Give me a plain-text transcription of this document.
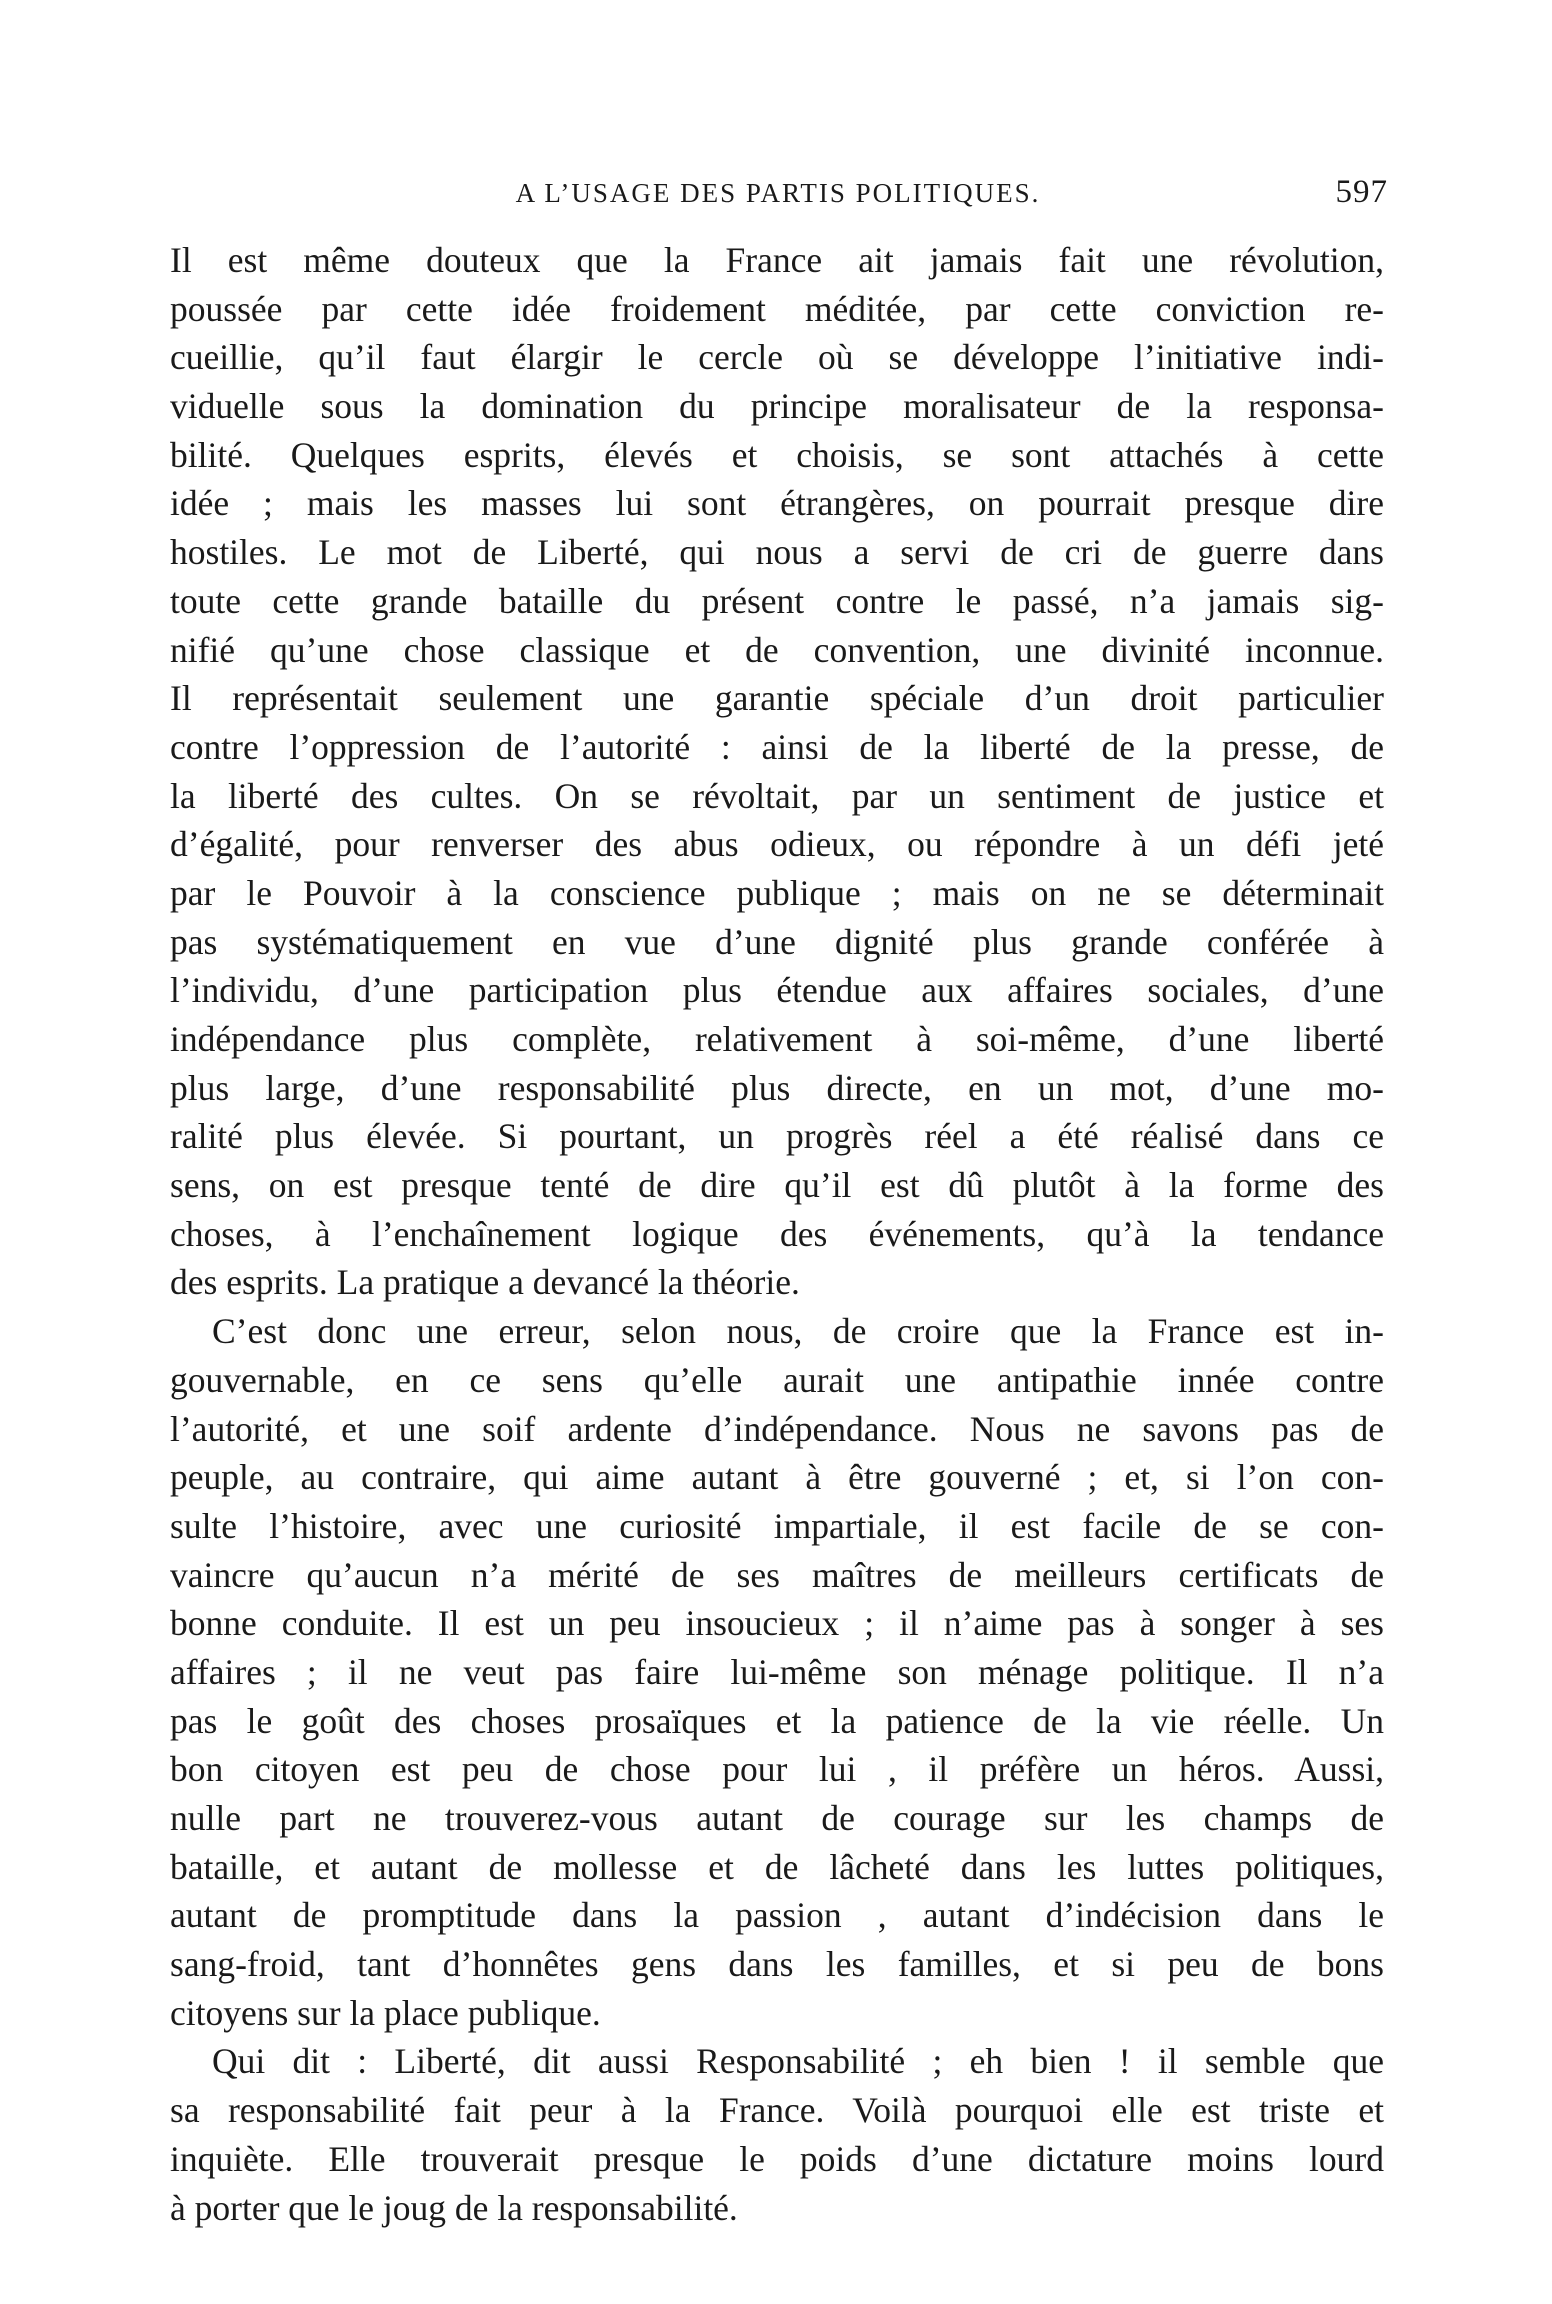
A L’USAGE DES PARTIS POLITIQUES.	597
Il est même douteux que la France ait jamais fait une révolution,
poussée par cette idée froidement méditée, par cette conviction re-
cueillie, qu’il faut élargir le cercle où se développe l’initiative indi-
viduelle sous la domination du principe moralisateur de la responsa-
bilité. Quelques esprits, élevés et choisis, se sont attachés à cette
idée ; mais les masses lui sont étrangères, on pourrait presque dire
hostiles. Le mot de Liberté, qui nous a servi de cri de guerre dans
toute cette grande bataille du présent contre le passé, n’a jamais sig-
nifié qu’une chose classique et de convention, une divinité inconnue.
Il représentait seulement une garantie spéciale d’un droit particulier
contre l’oppression de l’autorité : ainsi de la liberté de la presse, de
la liberté des cultes. On se révoltait, par un sentiment de justice et
d’égalité, pour renverser des abus odieux, ou répondre à un défi jeté
par le Pouvoir à la conscience publique ; mais on ne se déterminait
pas systématiquement en vue d’une dignité plus grande conférée à
l’individu, d’une participation plus étendue aux affaires sociales, d’une
indépendance plus complète, relativement à soi-même, d’une liberté
plus large, d’une responsabilité plus directe, en un mot, d’une mo-
ralité plus élevée. Si pourtant, un progrès réel a été réalisé dans ce
sens, on est presque tenté de dire qu’il est dû plutôt à la forme des
choses, à l’enchaînement logique des événements, qu’à la tendance
des esprits. La pratique a devancé la théorie.
C’est donc une erreur, selon nous, de croire que la France est in-
gouvernable, en ce sens qu’elle aurait une antipathie innée contre
l’autorité, et une soif ardente d’indépendance. Nous ne savons pas de
peuple, au contraire, qui aime autant à être gouverné ; et, si l’on con-
sulte l’histoire, avec une curiosité impartiale, il est facile de se con-
vaincre qu’aucun n’a mérité de ses maîtres de meilleurs certificats de
bonne conduite. Il est un peu insoucieux ; il n’aime pas à songer à ses
affaires ; il ne veut pas faire lui-même son ménage politique. Il n’a
pas le goût des choses prosaïques et la patience de la vie réelle. Un
bon citoyen est peu de chose pour lui , il préfère un héros. Aussi,
nulle part ne trouverez-vous autant de courage sur les champs de
bataille, et autant de mollesse et de lâcheté dans les luttes politiques,
autant de promptitude dans la passion , autant d’indécision dans le
sang-froid, tant d’honnêtes gens dans les familles, et si peu de bons
citoyens sur la place publique.
Qui dit : Liberté, dit aussi Responsabilité ; eh bien ! il semble que
sa responsabilité fait peur à la France. Voilà pourquoi elle est triste et
inquiète. Elle trouverait presque le poids d’une dictature moins lourd
à porter que le joug de la responsabilité.
